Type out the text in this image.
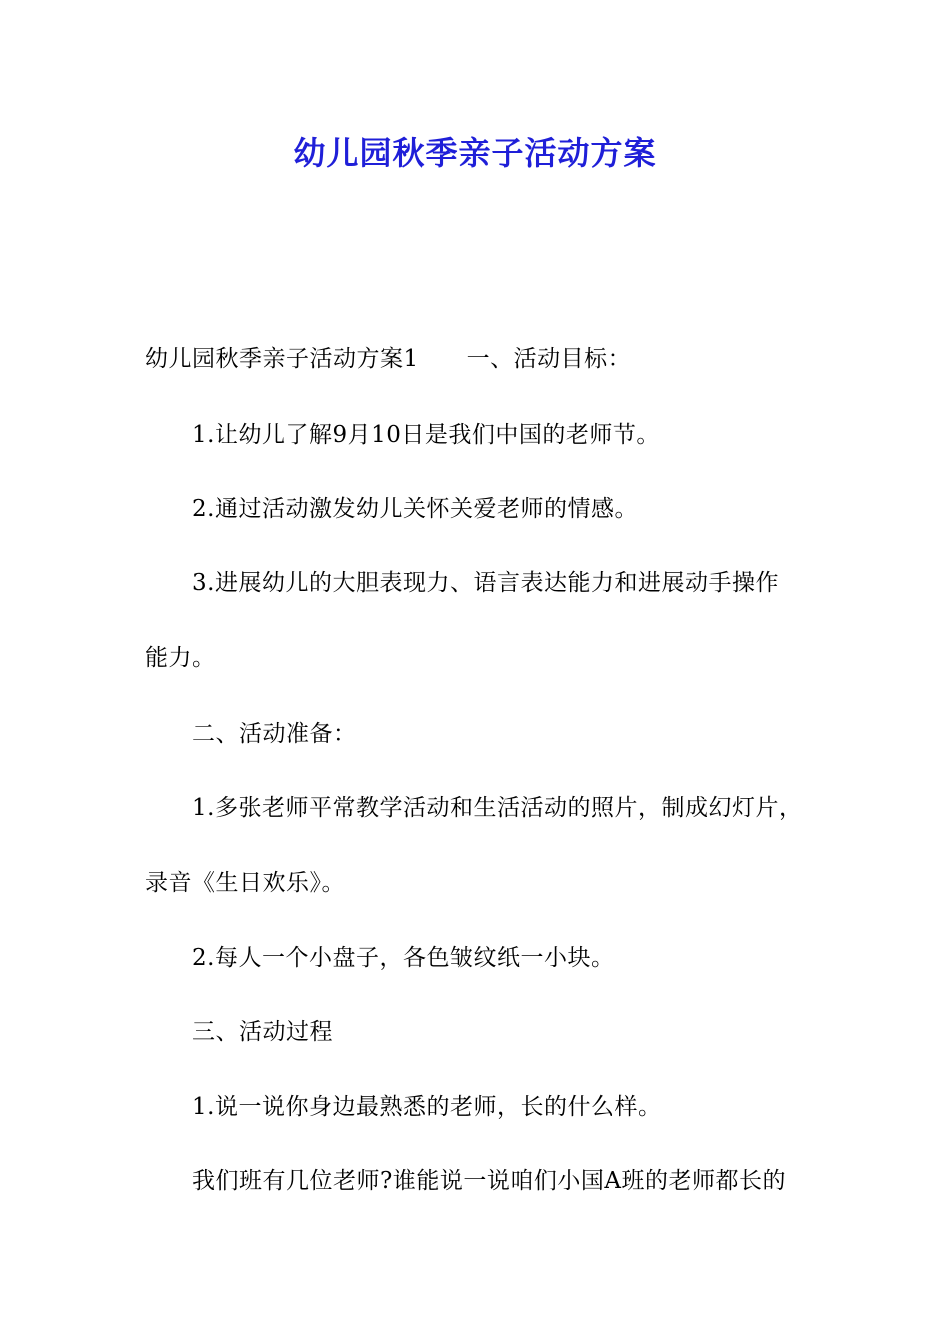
幼儿园秋季亲子活动方案
幼儿园秋季亲子活动方案1 一、活动目标：
1.让幼儿了解9月10日是我们中国的老师节。
2.通过活动激发幼儿关怀关爱老师的情感。
3.进展幼儿的大胆表现力、语言表达能力和进展动手操作
能力。
二、活动准备：
1.多张老师平常教学活动和生活活动的照片，制成幻灯片，
录音《生日欢乐》。
2.每人一个小盘子，各色皱纹纸一小块。
三、活动过程
1.说一说你身边最熟悉的老师，长的什么样。
我们班有几位老师?谁能说一说咱们小国A班的老师都长的
